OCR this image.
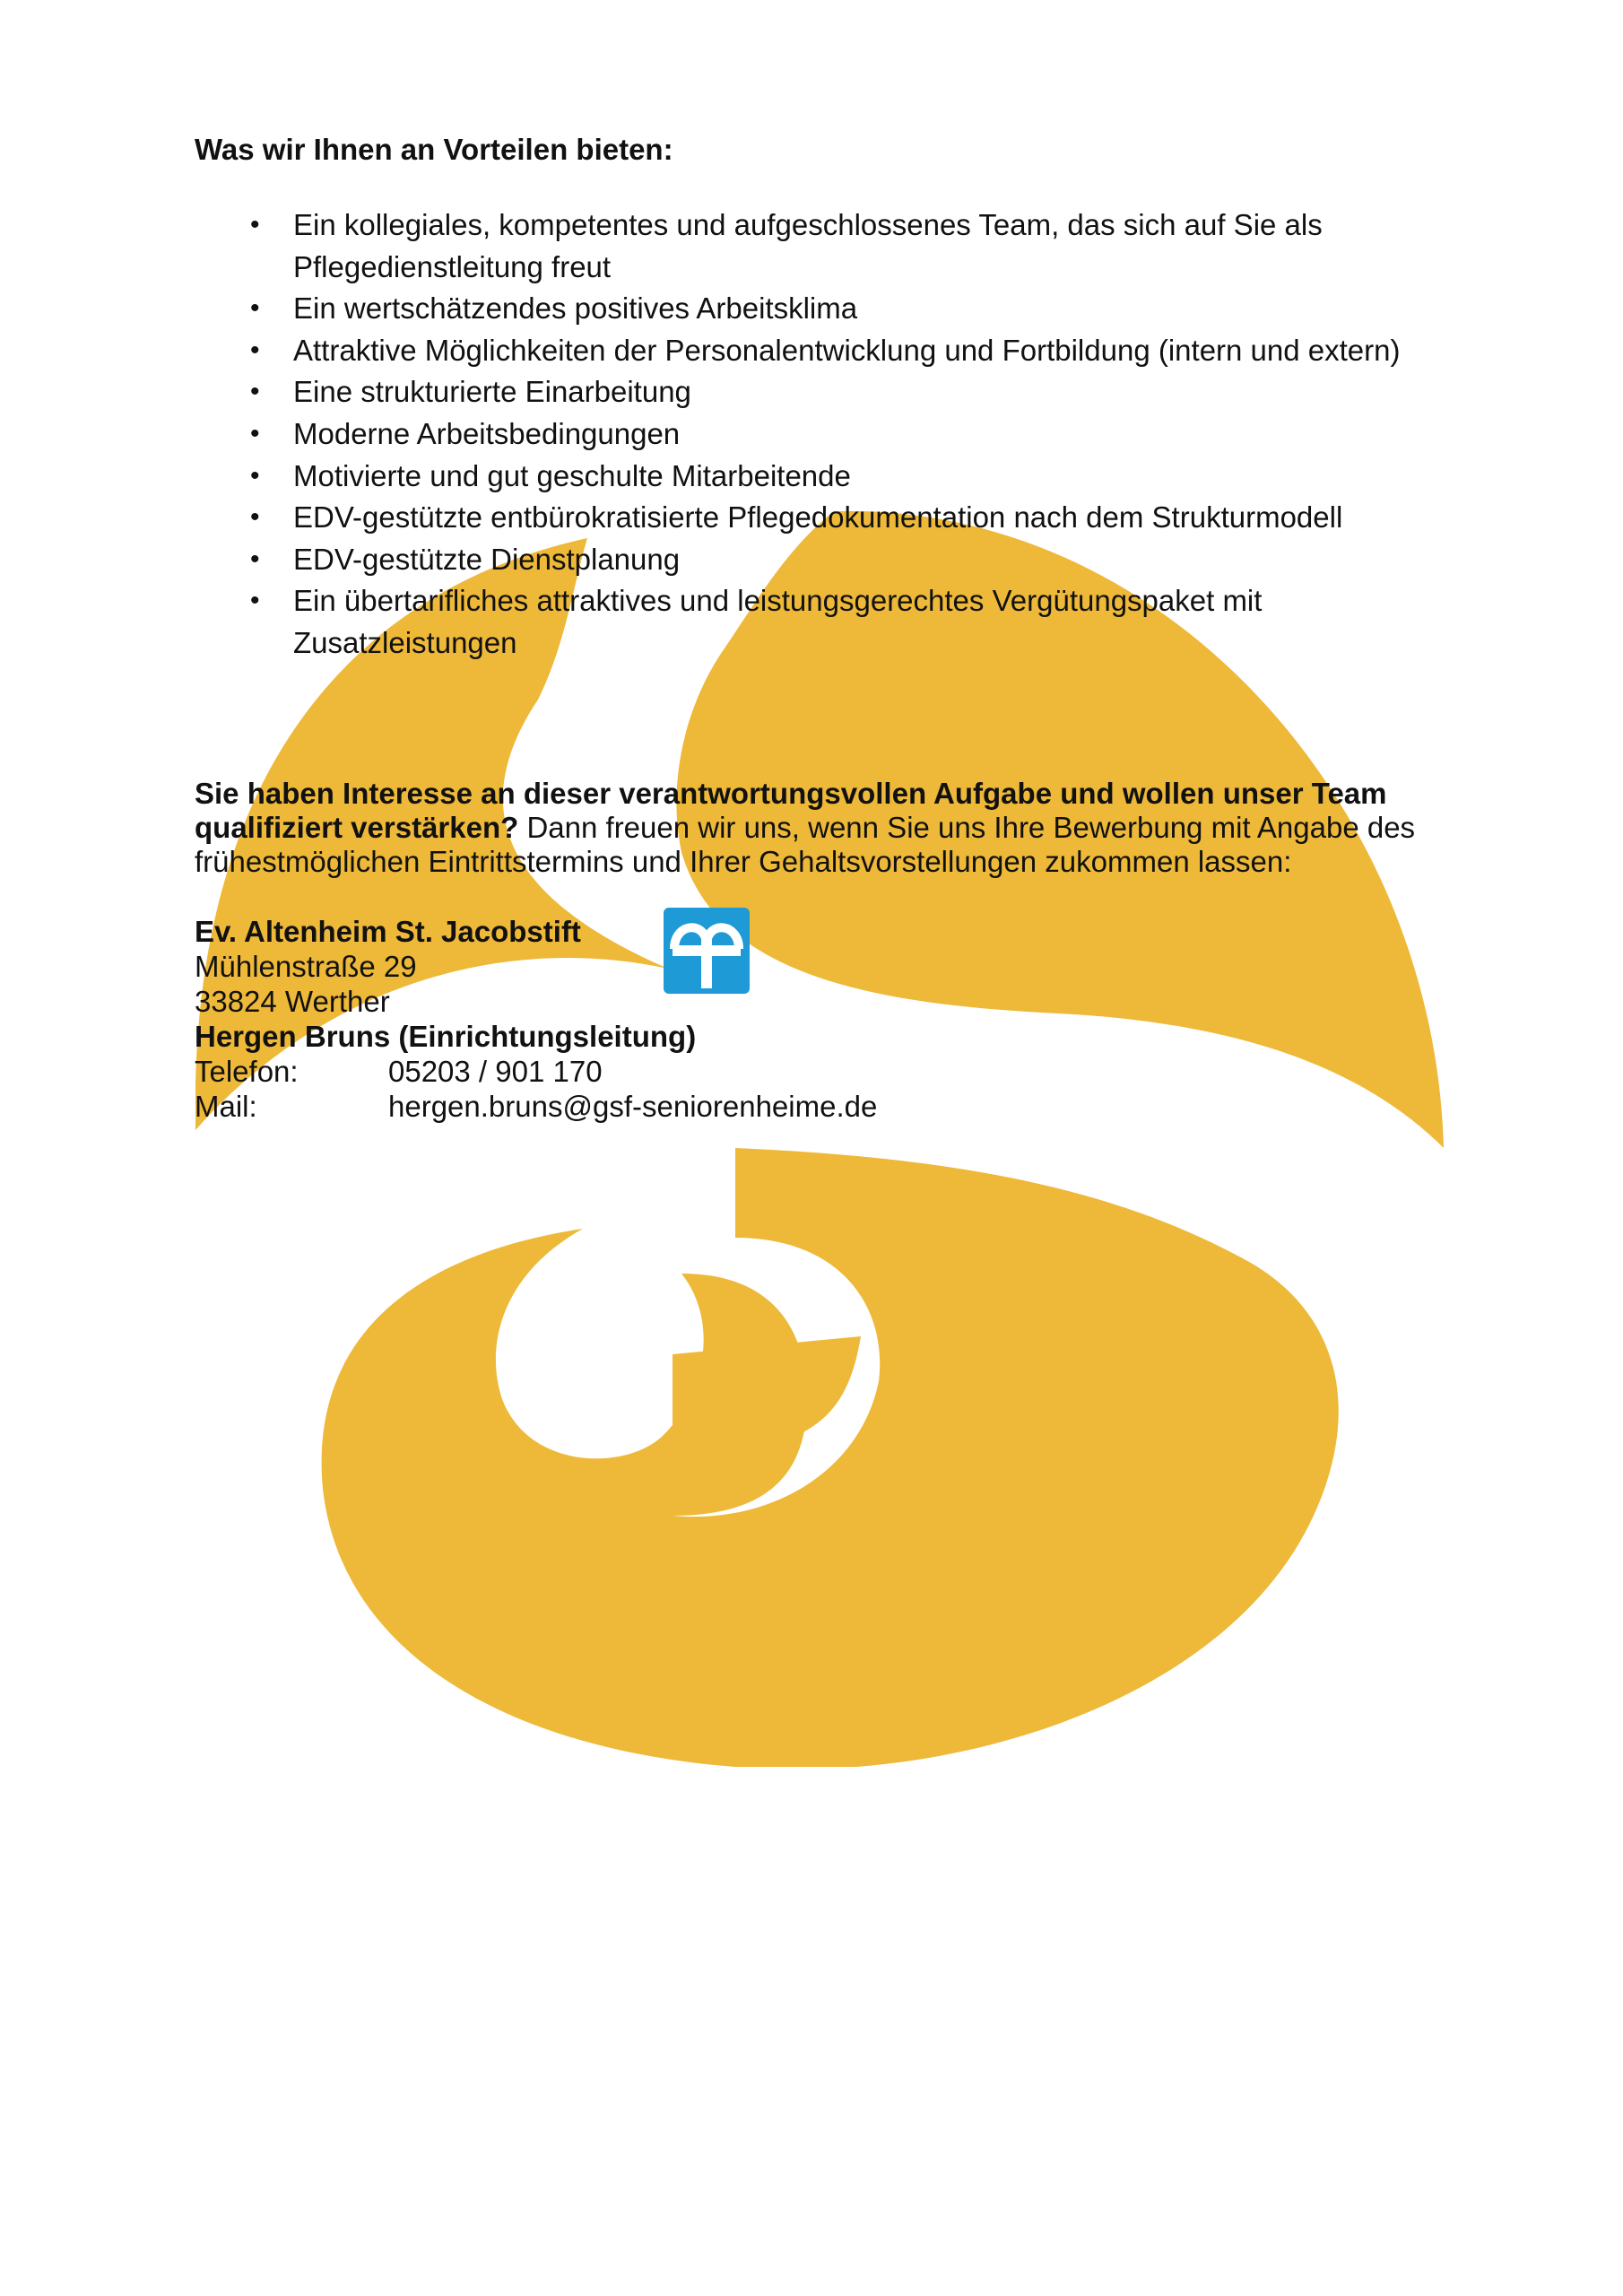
Was wir Ihnen an Vorteilen bieten:
• Ein kollegiales, kompetentes und aufgeschlossenes Team, das sich auf Sie als Pflegedienstleitung freut
• Ein wertschätzendes positives Arbeitsklima
• Attraktive Möglichkeiten der Personalentwicklung und Fortbildung (intern und extern)
• Eine strukturierte Einarbeitung
• Moderne Arbeitsbedingungen
• Motivierte und gut geschulte Mitarbeitende
• EDV-gestützte entbürokratisierte Pflegedokumentation nach dem Strukturmodell
• EDV-gestützte Dienstplanung
• Ein übertarifliches attraktives und leistungsgerechtes Vergütungspaket mit Zusatzleistungen

Sie haben Interesse an dieser verantwortungsvollen Aufgabe und wollen unser Team qualifiziert verstärken? Dann freuen wir uns, wenn Sie uns Ihre Bewerbung mit Angabe des frühestmöglichen Eintrittstermins und Ihrer Gehaltsvorstellungen zukommen lassen:

Ev. Altenheim St. Jacobstift
Mühlenstraße 29
33824 Werther
Hergen Bruns (Einrichtungsleitung)
Telefon:	05203 / 901 170
Mail:	hergen.bruns@gsf-seniorenheime.de
